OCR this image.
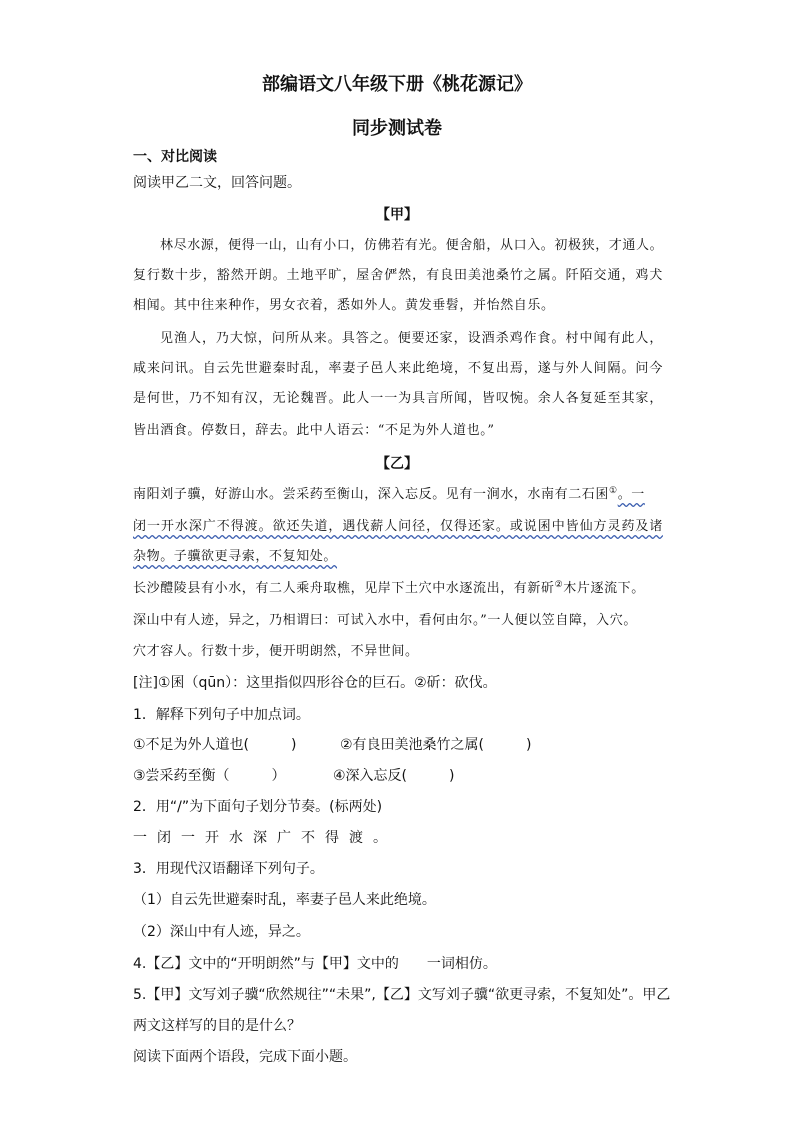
部编语文八年级下册《桃花源记》
同步测试卷
一、对比阅读
阅读甲乙二文，回答问题。
【甲】
林尽水源，便得一山，山有小口，仿佛若有光。便舍船，从口入。初极狭，才通人。
复行数十步，豁然开朗。土地平旷，屋舍俨然，有良田美池桑竹之属。阡陌交通，鸡犬
相闻。其中往来种作，男女衣着，悉如外人。黄发垂髫，并怡然自乐。
见渔人，乃大惊，问所从来。具答之。便要还家，设酒杀鸡作食。村中闻有此人，
咸来问讯。自云先世避秦时乱，率妻子邑人来此绝境，不复出焉，遂与外人间隔。问今
是何世，乃不知有汉，无论魏晋。此人一一为具言所闻，皆叹惋。余人各复延至其家，
皆出酒食。停数日，辞去。此中人语云：“不足为外人道也。”
【乙】
南阳刘子骥，好游山水。尝采药至衡山，深入忘反。见有一涧水，水南有二石囷①。一
闭一开水深广不得渡。欲还失道，遇伐薪人问径，仅得还家。或说囷中皆仙方灵药及诸
杂物。子骥欲更寻索，不复知处。
长沙醴陵县有小水，有二人乘舟取樵，见岸下土穴中水逐流出，有新斫②木片逐流下。
深山中有人迹，异之，乃相谓曰：可试入水中，看何由尔。”一人便以笠自障，入穴。
穴才容人。行数十步，便开明朗然，不异世间。
[注]①囷（qūn）：这里指似四形谷仓的巨石。②斫：砍伐。
1．解释下列句子中加点词。
①不足为外人道也(　　　)	②有良田美池桑竹之属(　　　)
③尝采药至衡（　　　）	④深入忘反(　　　)
2．用“/”为下面句子划分节奏。(标两处)
一闭一开水深广不得渡。
3．用现代汉语翻译下列句子。
（1）自云先世避秦时乱，率妻子邑人来此绝境。
（2）深山中有人迹，异之。
4.【乙】文中的“开明朗然”与【甲】文中的　　一词相仿。
5.【甲】文写刘子骥“欣然规往”“未果”,【乙】文写刘子骥“欲更寻索，不复知处”。甲乙
两文这样写的目的是什么？
阅读下面两个语段，完成下面小题。
